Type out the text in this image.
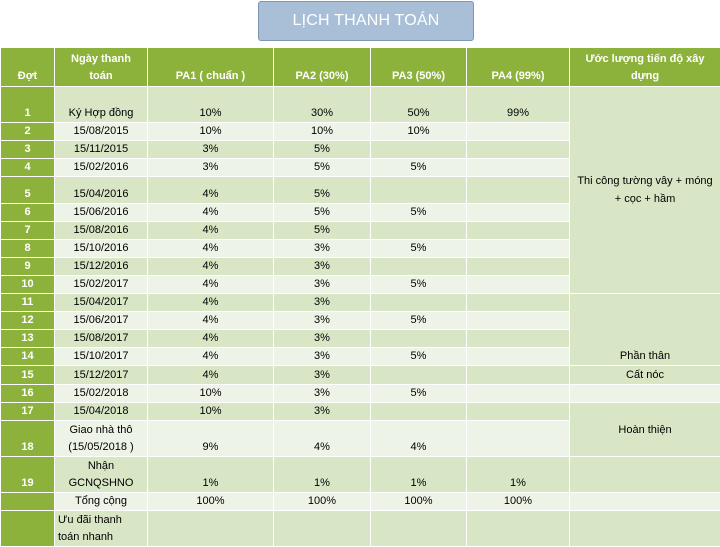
LỊCH THANH TOÁN
Đợt	Ngày thanh toán	PA1 ( chuẩn )	PA2 (30%)	PA3 (50%)	PA4 (99%)	Ước lượng tiến độ xây dựng
1	Ký Hợp đồng	10%	30%	50%	99%	Thi công tường vây + móng + cọc + hầm
2	15/08/2015	10%	10%	10%		
3	15/11/2015	3%	5%			
4	15/02/2016	3%	5%	5%		
5	15/04/2016	4%	5%			
6	15/06/2016	4%	5%	5%		
7	15/08/2016	4%	5%			
8	15/10/2016	4%	3%	5%		
9	15/12/2016	4%	3%			
10	15/02/2017	4%	3%	5%		
11	15/04/2017	4%	3%			Phần thân
12	15/06/2017	4%	3%	5%		
13	15/08/2017	4%	3%			
14	15/10/2017	4%	3%	5%		
15	15/12/2017	4%	3%			Cất nóc
16	15/02/2018	10%	3%	5%		
17	15/04/2018	10%	3%			Hoàn thiện
18	Giao nhà thô (15/05/2018 )	9%	4%	4%		
19	Nhận GCNQSHNO	1%	1%	1%	1%	
	Tổng cộng	100%	100%	100%	100%	
	Ưu đãi thanh toán nhanh					
